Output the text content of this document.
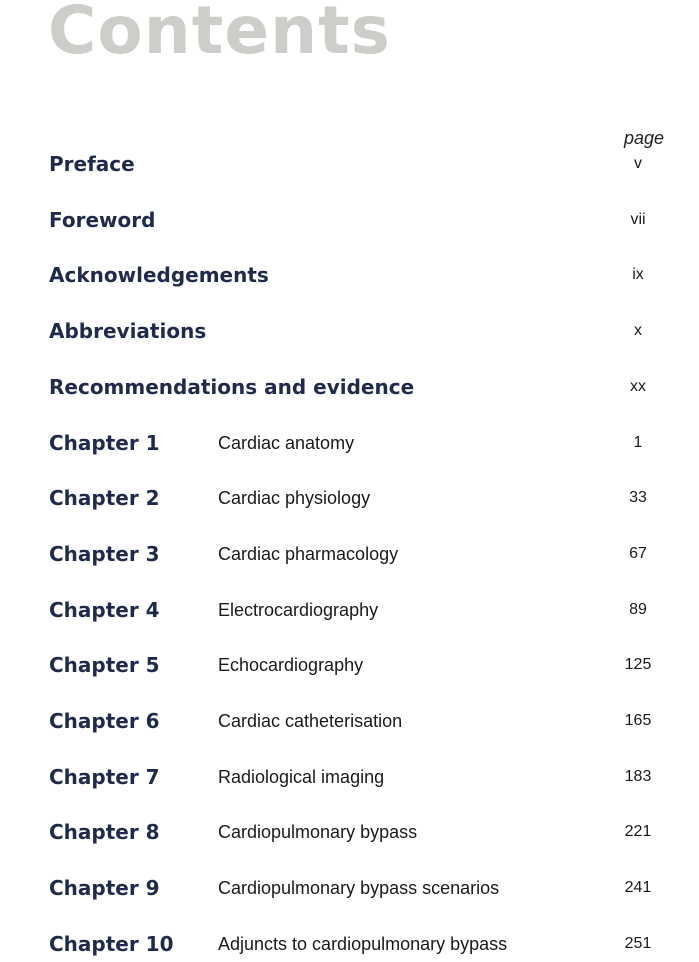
Contents
page
Preface	v
Foreword	vii
Acknowledgements	ix
Abbreviations	x
Recommendations and evidence	xx
Chapter 1	Cardiac anatomy	1
Chapter 2	Cardiac physiology	33
Chapter 3	Cardiac pharmacology	67
Chapter 4	Electrocardiography	89
Chapter 5	Echocardiography	125
Chapter 6	Cardiac catheterisation	165
Chapter 7	Radiological imaging	183
Chapter 8	Cardiopulmonary bypass	221
Chapter 9	Cardiopulmonary bypass scenarios	241
Chapter 10 Adjuncts to cardiopulmonary bypass	251
